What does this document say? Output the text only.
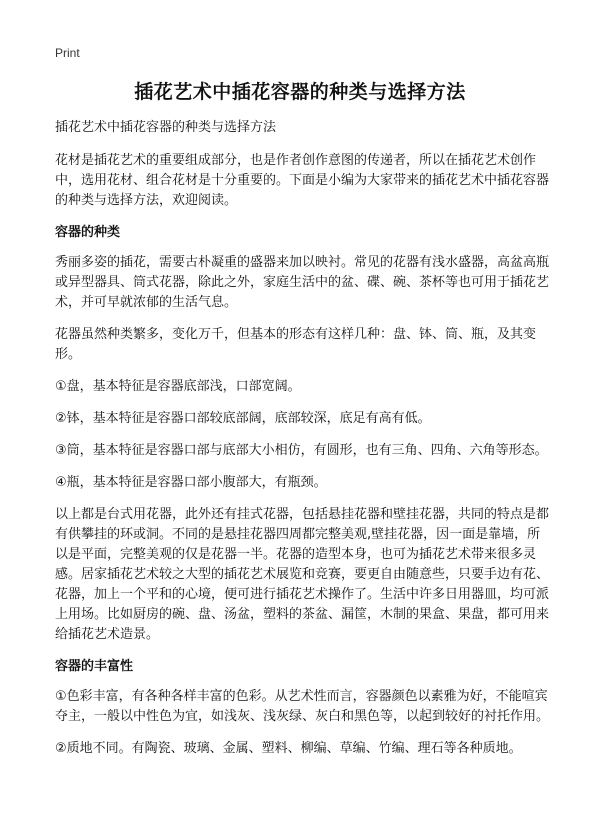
Print
插花艺术中插花容器的种类与选择方法

插花艺术中插花容器的种类与选择方法

花材是插花艺术的重要组成部分，也是作者创作意图的传递者，所以在插花艺术创作中，选用花材、组合花材是十分重要的。下面是小编为大家带来的插花艺术中插花容器的种类与选择方法，欢迎阅读。

容器的种类

秀丽多姿的插花，需要古朴凝重的盛器来加以映衬。常见的花器有浅水盛器，高盆高瓶或异型器具、筒式花器，除此之外，家庭生活中的盆、碟、碗、茶杯等也可用于插花艺术，并可早就浓郁的生活气息。

花器虽然种类繁多，变化万千，但基本的形态有这样几种：盘、钵、筒、瓶，及其变形。

①盘，基本特征是容器底部浅，口部宽阔。

②钵，基本特征是容器口部较底部阔，底部较深，底足有高有低。

③筒，基本特征是容器口部与底部大小相仿，有圆形，也有三角、四角、六角等形态。

④瓶，基本特征是容器口部小腹部大，有瓶颈。

以上都是台式用花器，此外还有挂式花器，包括悬挂花器和壁挂花器，共同的特点是都有供攀挂的环或洞。不同的是悬挂花器四周都完整美观,壁挂花器，因一面是靠墙，所以是平面，完整美观的仅是花器一半。花器的造型本身，也可为插花艺术带来很多灵感。居家插花艺术较之大型的插花艺术展览和竞赛，要更自由随意些，只要手边有花、花器，加上一个平和的心境，便可进行插花艺术操作了。生活中许多日用器皿，均可派上用场。比如厨房的碗、盘、汤盆，塑料的茶盆、漏筐，木制的果盒、果盘，都可用来给插花艺术造景。

容器的丰富性

①色彩丰富，有各种各样丰富的色彩。从艺术性而言，容器颜色以素雅为好，不能喧宾夺主，一般以中性色为宜，如浅灰、浅灰绿、灰白和黑色等，以起到较好的衬托作用。

②质地不同。有陶瓷、玻璃、金属、塑料、柳编、草编、竹编、理石等各种质地。
